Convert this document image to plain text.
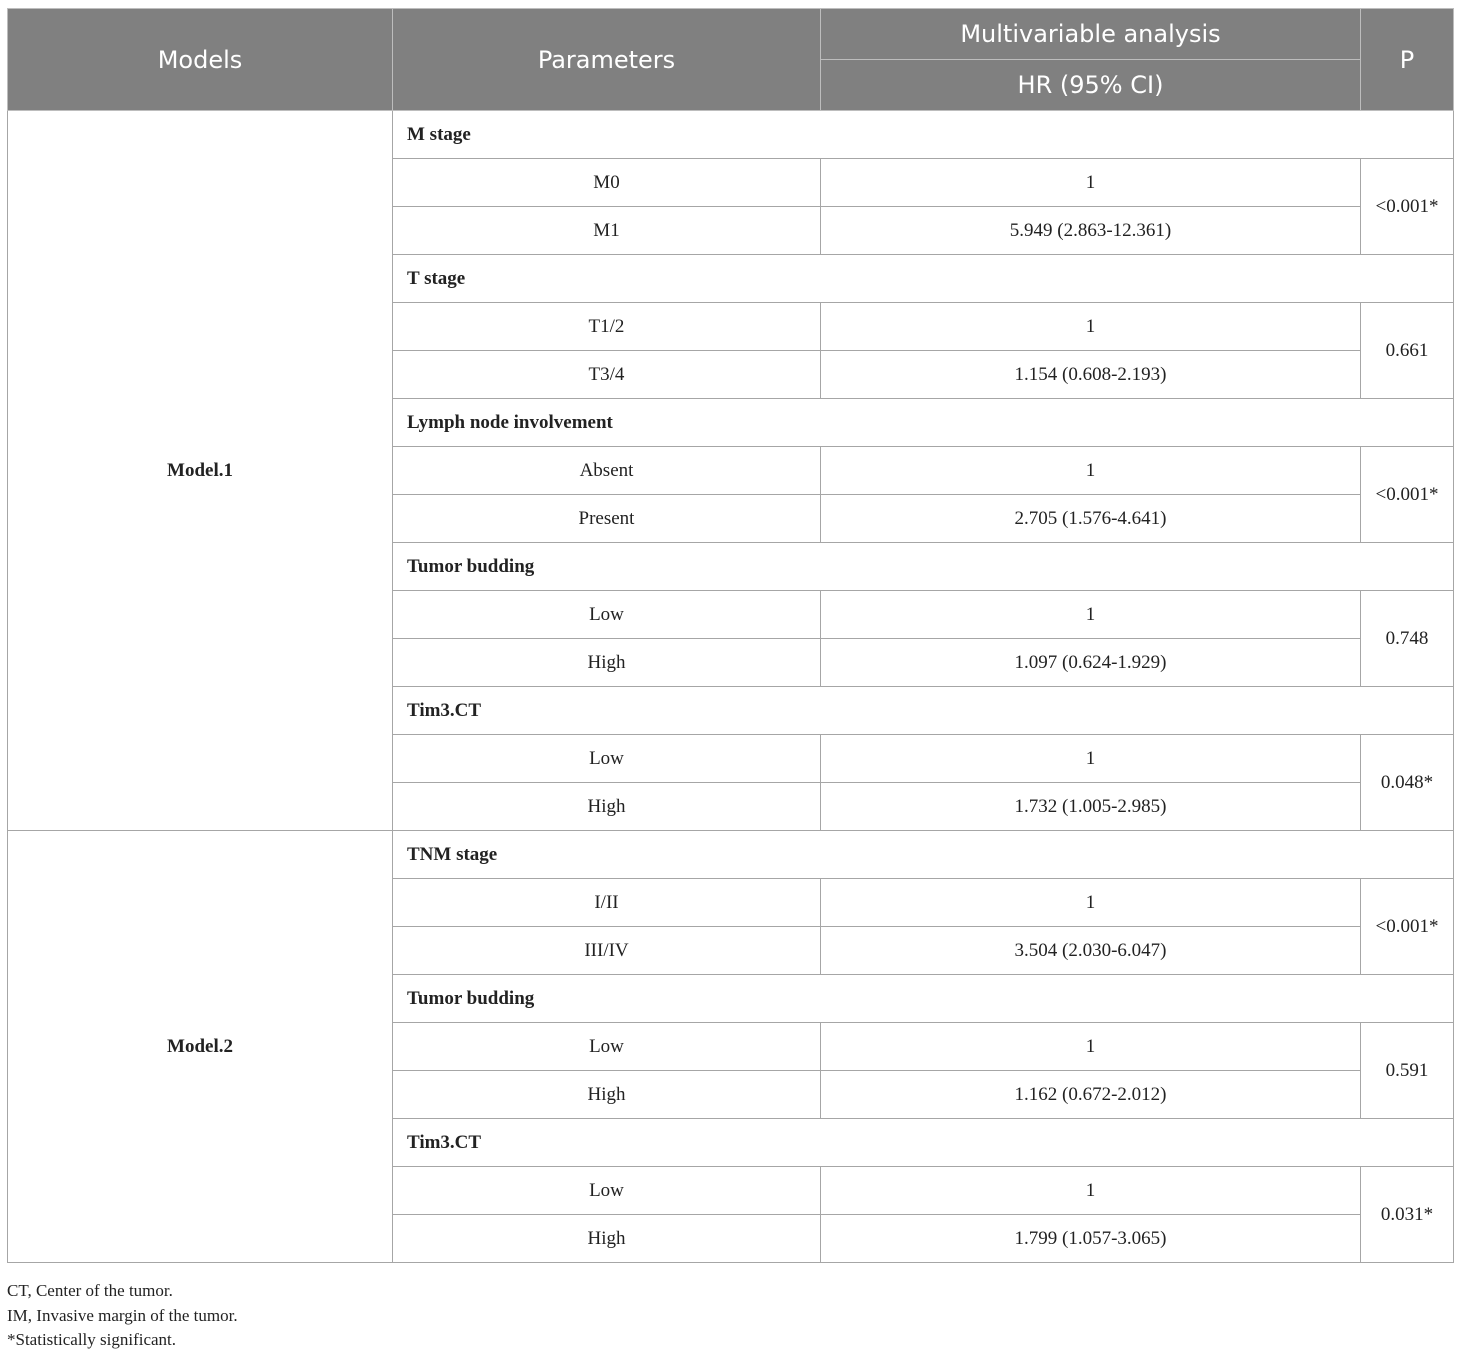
Models	Parameters	Multivariable analysis	P
		HR (95% CI)	
Model.1	M stage		
	M0	1	<0.001*
	M1	5.949 (2.863-12.361)	
	T stage		
	T1/2	1	0.661
	T3/4	1.154 (0.608-2.193)	
	Lymph node involvement		
	Absent	1	<0.001*
	Present	2.705 (1.576-4.641)	
	Tumor budding		
	Low	1	0.748
	High	1.097 (0.624-1.929)	
	Tim3.CT		
	Low	1	0.048*
	High	1.732 (1.005-2.985)	
Model.2	TNM stage		
	I/II	1	<0.001*
	III/IV	3.504 (2.030-6.047)	
	Tumor budding		
	Low	1	0.591
	High	1.162 (0.672-2.012)	
	Tim3.CT		
	Low	1	0.031*
	High	1.799 (1.057-3.065)	
CT, Center of the tumor.
IM, Invasive margin of the tumor.
*Statistically significant.
